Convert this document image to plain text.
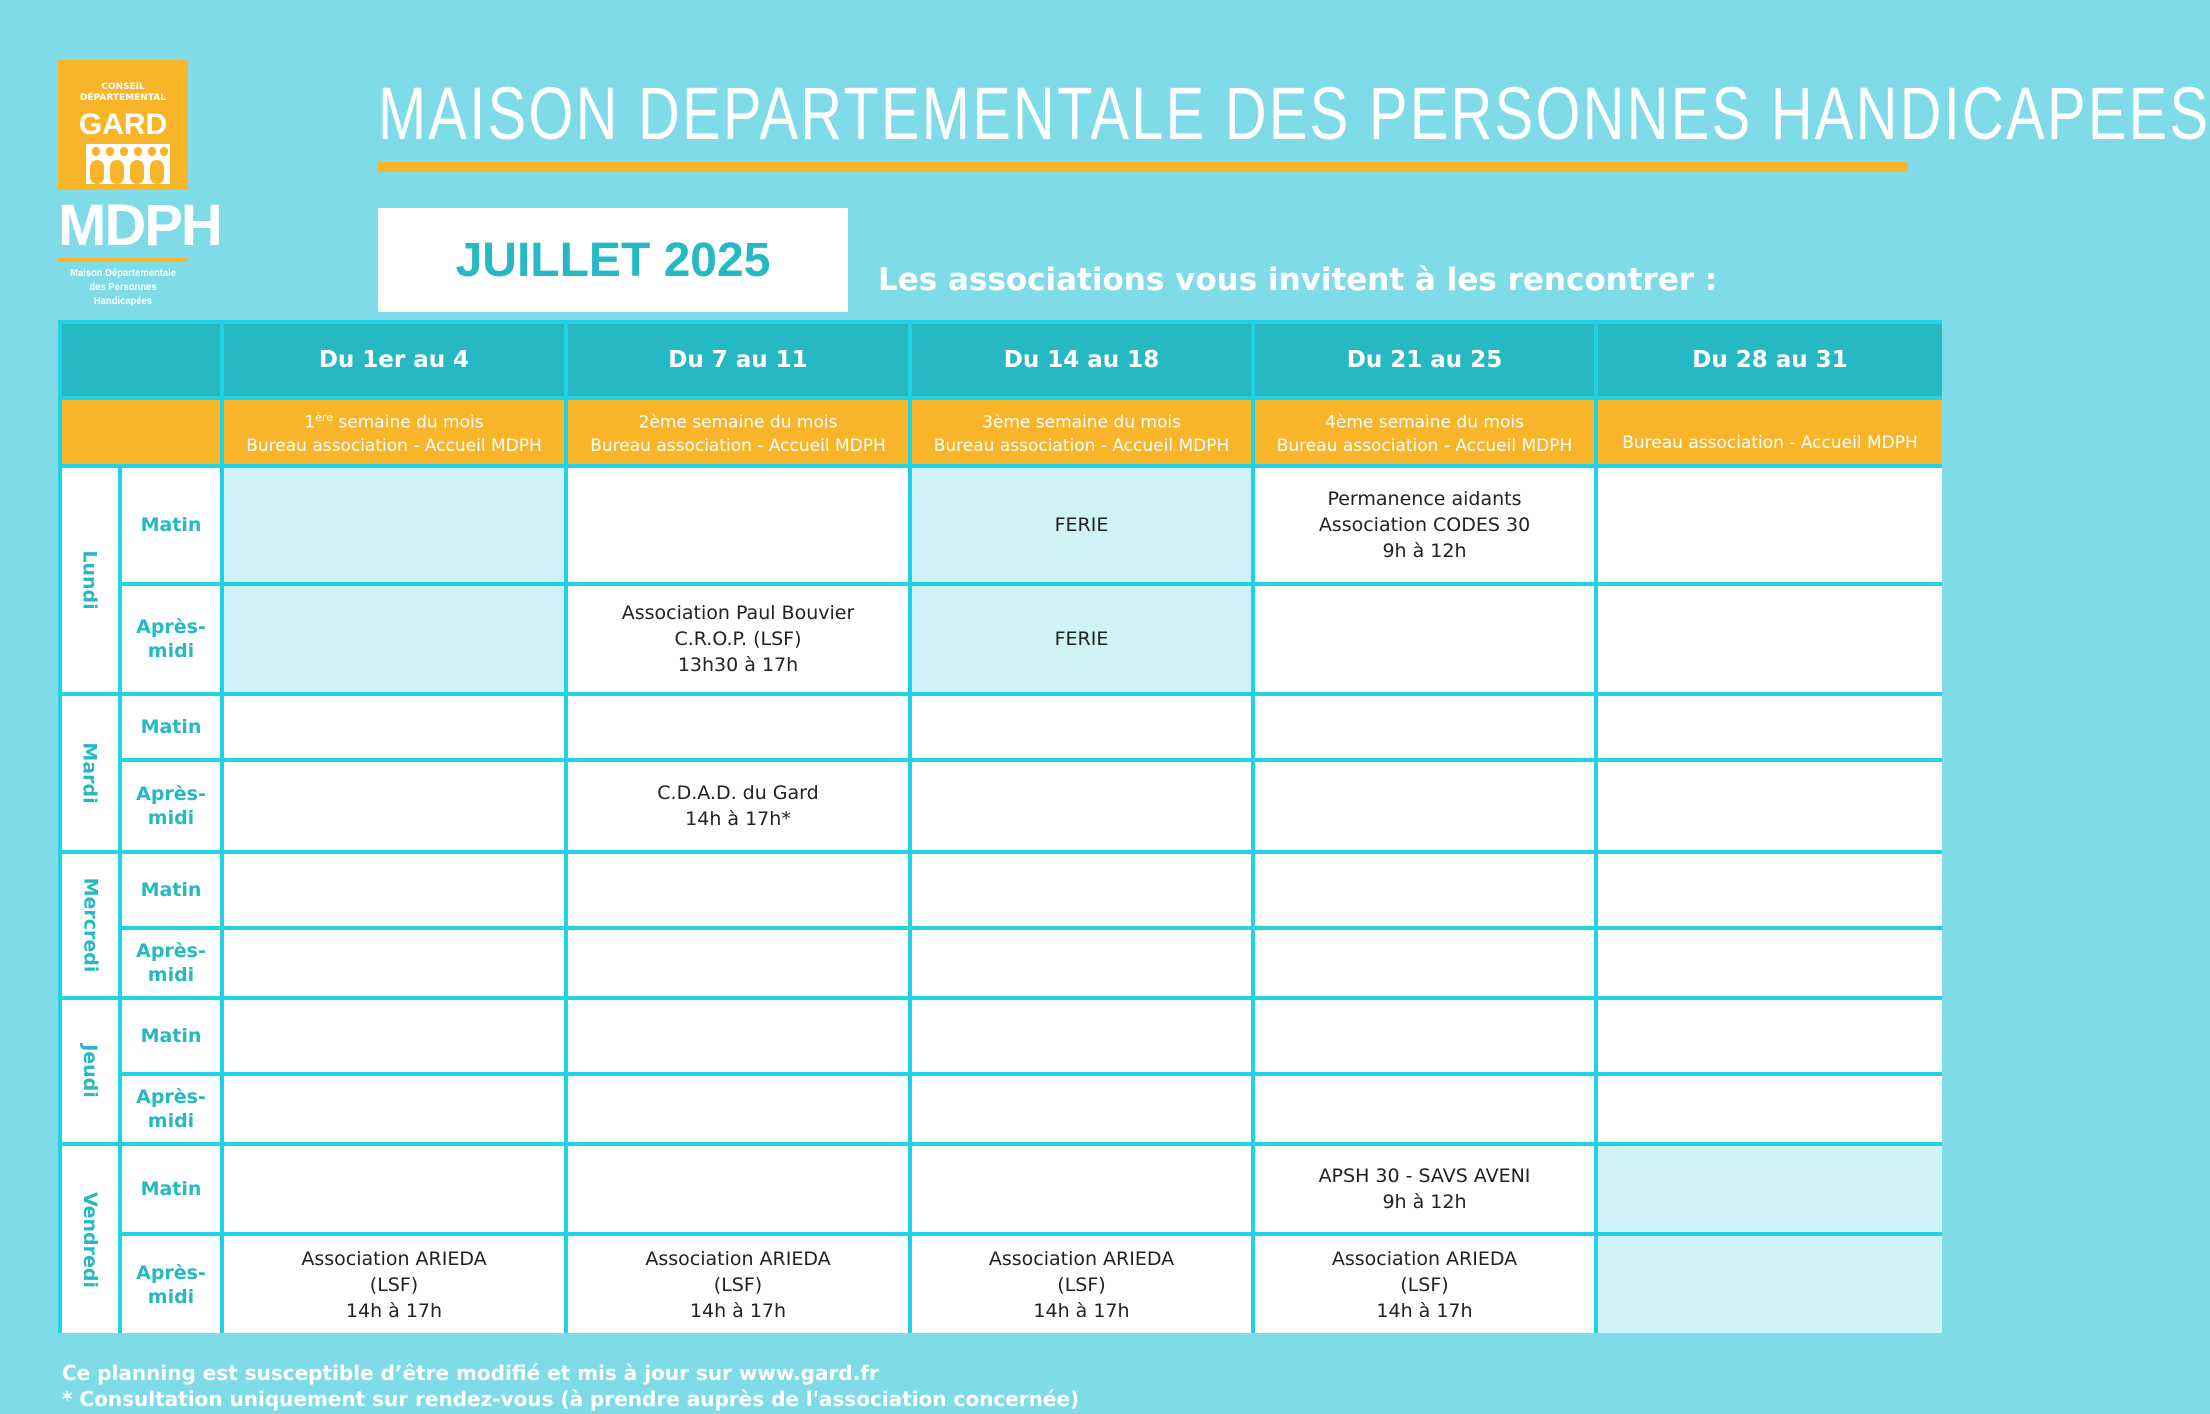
CONSEIL
DÉPARTEMENTAL
GARD
MDPH
Maison Départementale
des Personnes Handicapées
MAISON DEPARTEMENTALE DES PERSONNES HANDICAPEES
JUILLET 2025	Les associations vous invitent à les rencontrer :
Du 1er au 4
1ère semaine du mois
Bureau association - Accueil MDPH
Du 7 au 11
2ème semaine du mois
Bureau association - Accueil MDPH
Du 14 au 18
3ème semaine du mois
Bureau association - Accueil MDPH
Du 21 au 25
4ème semaine du mois
Bureau association - Accueil MDPH
Du 28 au 31
Bureau association - Accueil MDPH
Lundi
Matin	FERIE
Permanence aidants
Association CODES 30
9h à 12h
Après-
midi
Association Paul Bouvier
C.R.O.P. (LSF)
13h30 à 17h
FERIE
Mardi
Matin
Après-
midi
C.D.A.D. du Gard
14h à 17h*
Mercredi Matin
Après-
midi
Jeudi
Matin
Après-
midi
Vendredi
Matin
APSH 30 - SAVS AVENI
9h à 12h
Après-
midi
Association ARIEDA
(LSF)
14h à 17h
Association ARIEDA
(LSF)
14h à 17h
Association ARIEDA
(LSF)
14h à 17h
Association ARIEDA
(LSF)
14h à 17h
Ce planning est susceptible d’être modifié et mis à jour sur www.gard.fr
* Consultation uniquement sur rendez-vous (à prendre auprès de l'association concernée)
